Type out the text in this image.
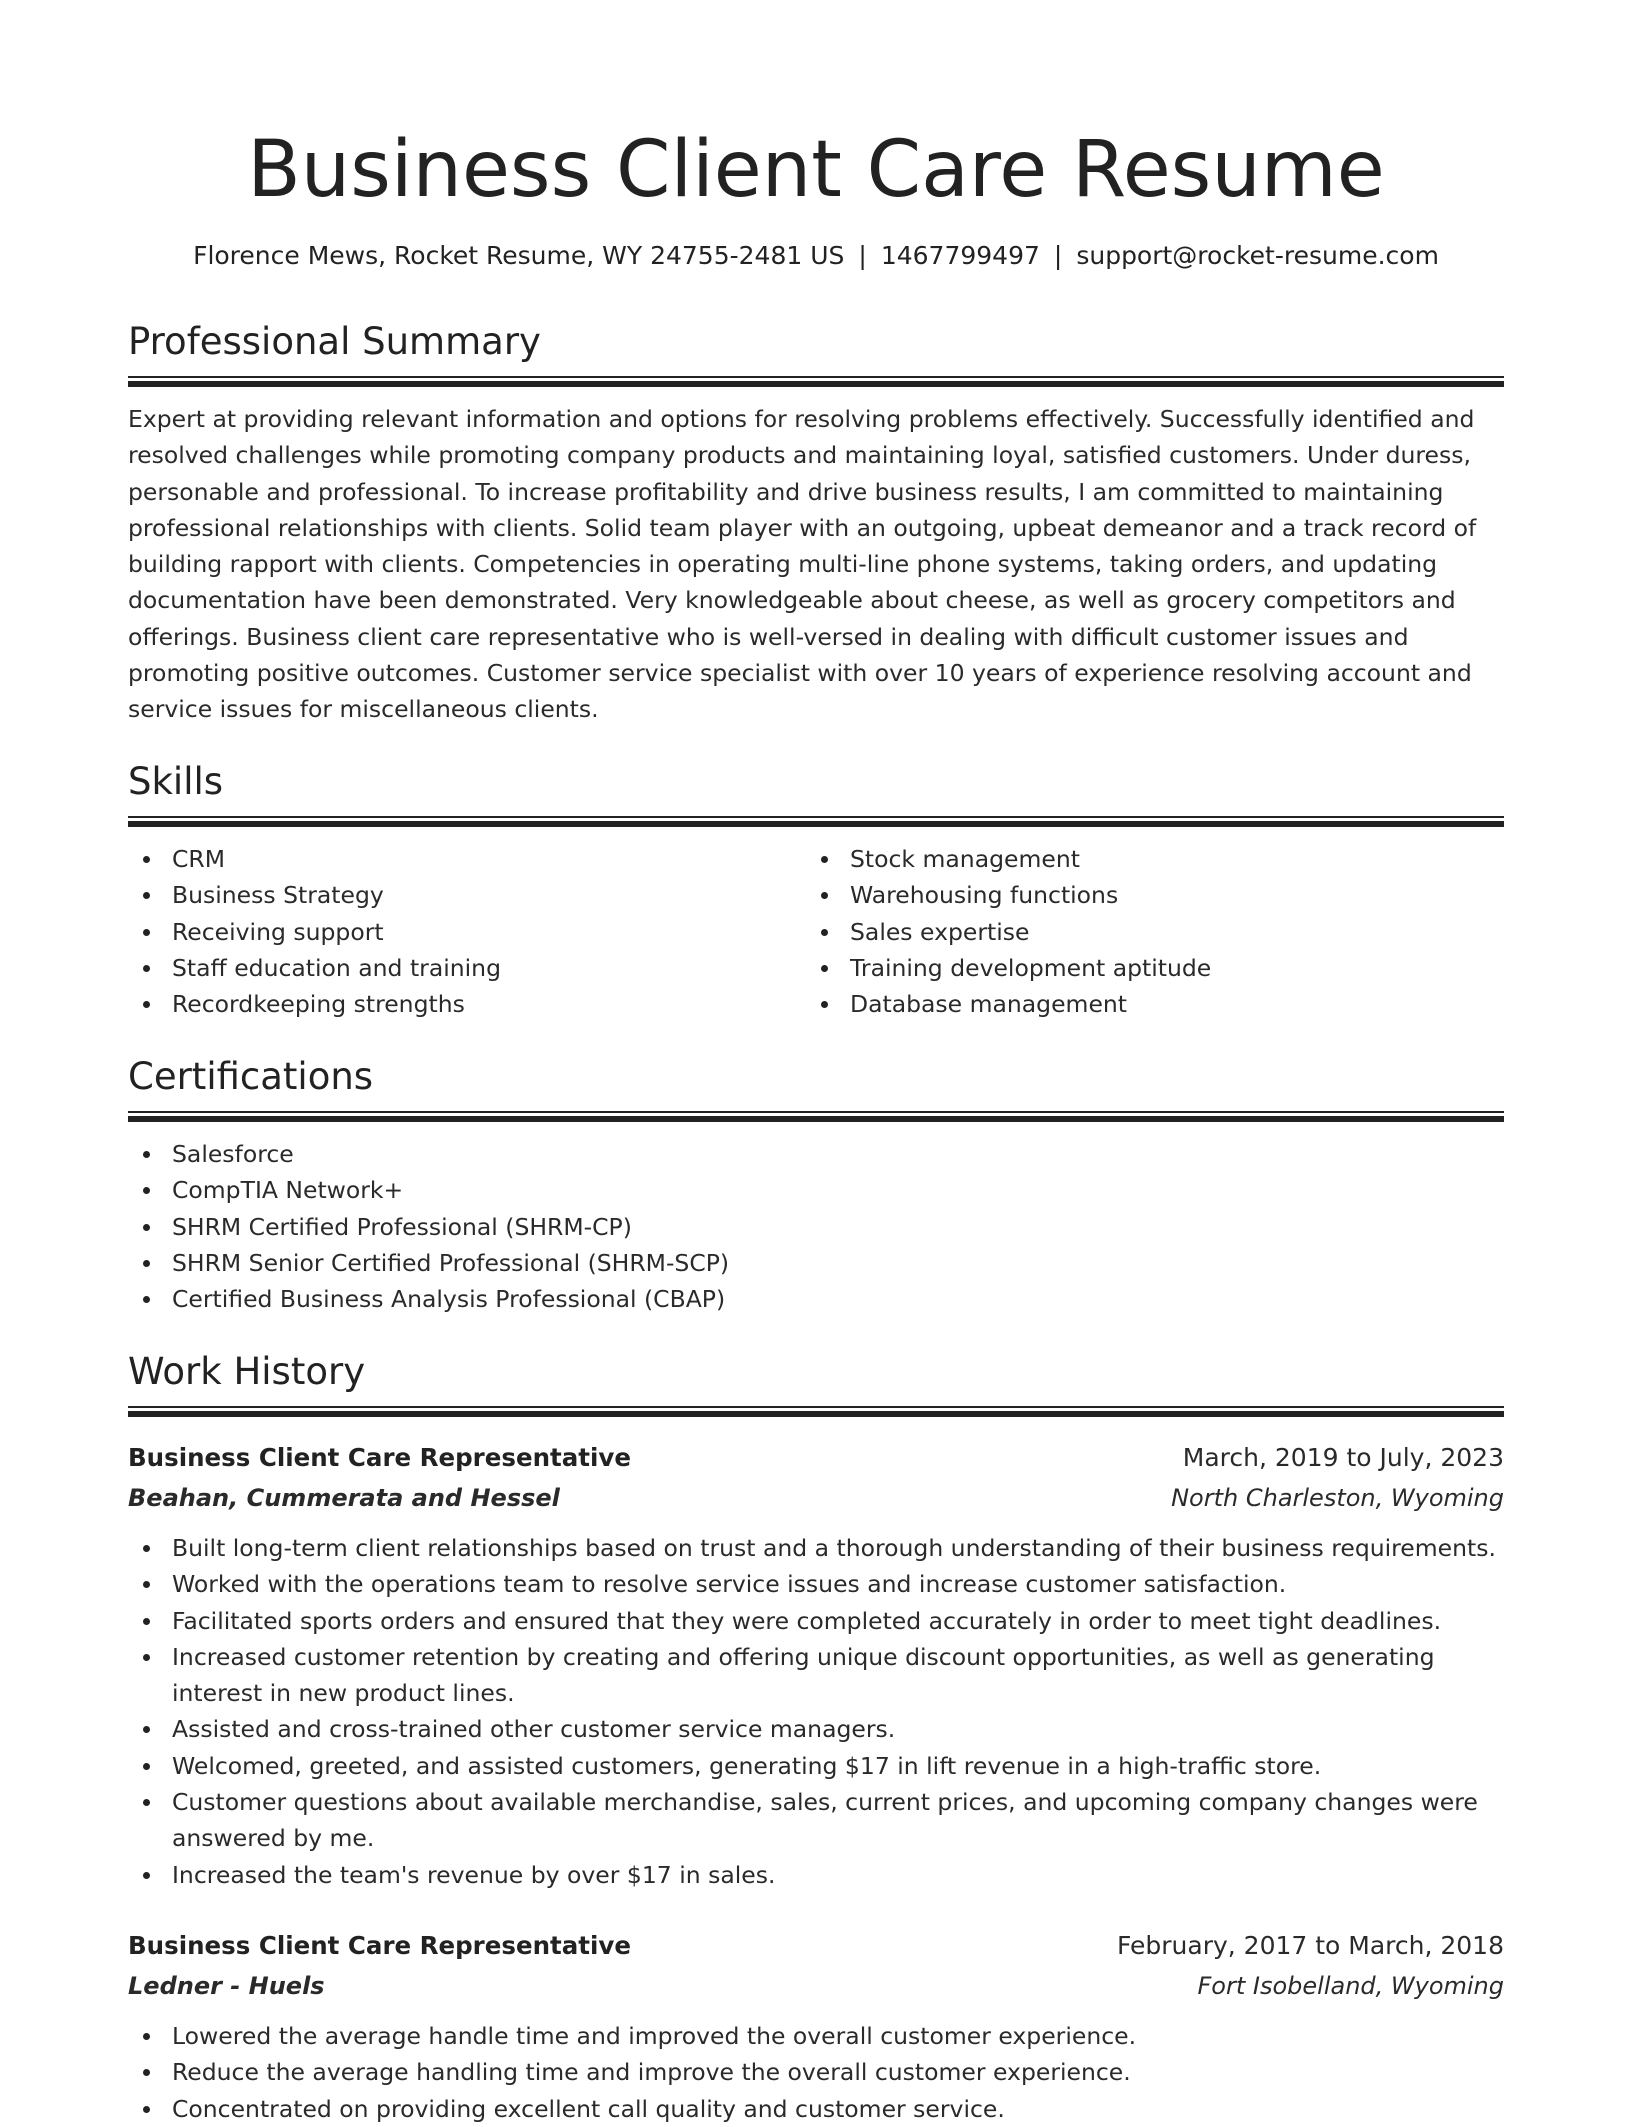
Business Client Care Resume
Florence Mews, Rocket Resume, WY 24755-2481 US | 1467799497 | support@rocket-resume.com
Professional Summary
Expert at providing relevant information and options for resolving problems effectively. Successfully identified and resolved challenges while promoting company products and maintaining loyal, satisfied customers. Under duress, personable and professional. To increase profitability and drive business results, I am committed to maintaining professional relationships with clients. Solid team player with an outgoing, upbeat demeanor and a track record of building rapport with clients. Competencies in operating multi-line phone systems, taking orders, and updating documentation have been demonstrated. Very knowledgeable about cheese, as well as grocery competitors and offerings. Business client care representative who is well-versed in dealing with difficult customer issues and promoting positive outcomes. Customer service specialist with over 10 years of experience resolving account and service issues for miscellaneous clients.
Skills
CRM
Business Strategy
Receiving support
Staff education and training
Recordkeeping strengths
Stock management
Warehousing functions
Sales expertise
Training development aptitude
Database management
Certifications
Salesforce
CompTIA Network+
SHRM Certified Professional (SHRM-CP)
SHRM Senior Certified Professional (SHRM-SCP)
Certified Business Analysis Professional (CBAP)
Work History
Business Client Care Representative	March, 2019 to July, 2023
Beahan, Cummerata and Hessel	North Charleston, Wyoming
Built long-term client relationships based on trust and a thorough understanding of their business requirements.
Worked with the operations team to resolve service issues and increase customer satisfaction.
Facilitated sports orders and ensured that they were completed accurately in order to meet tight deadlines.
Increased customer retention by creating and offering unique discount opportunities, as well as generating interest in new product lines.
Assisted and cross-trained other customer service managers.
Welcomed, greeted, and assisted customers, generating $17 in lift revenue in a high-traffic store.
Customer questions about available merchandise, sales, current prices, and upcoming company changes were answered by me.
Increased the team's revenue by over $17 in sales.
Business Client Care Representative	February, 2017 to March, 2018
Ledner - Huels	Fort Isobelland, Wyoming
Lowered the average handle time and improved the overall customer experience.
Reduce the average handling time and improve the overall customer experience.
Concentrated on providing excellent call quality and customer service.
